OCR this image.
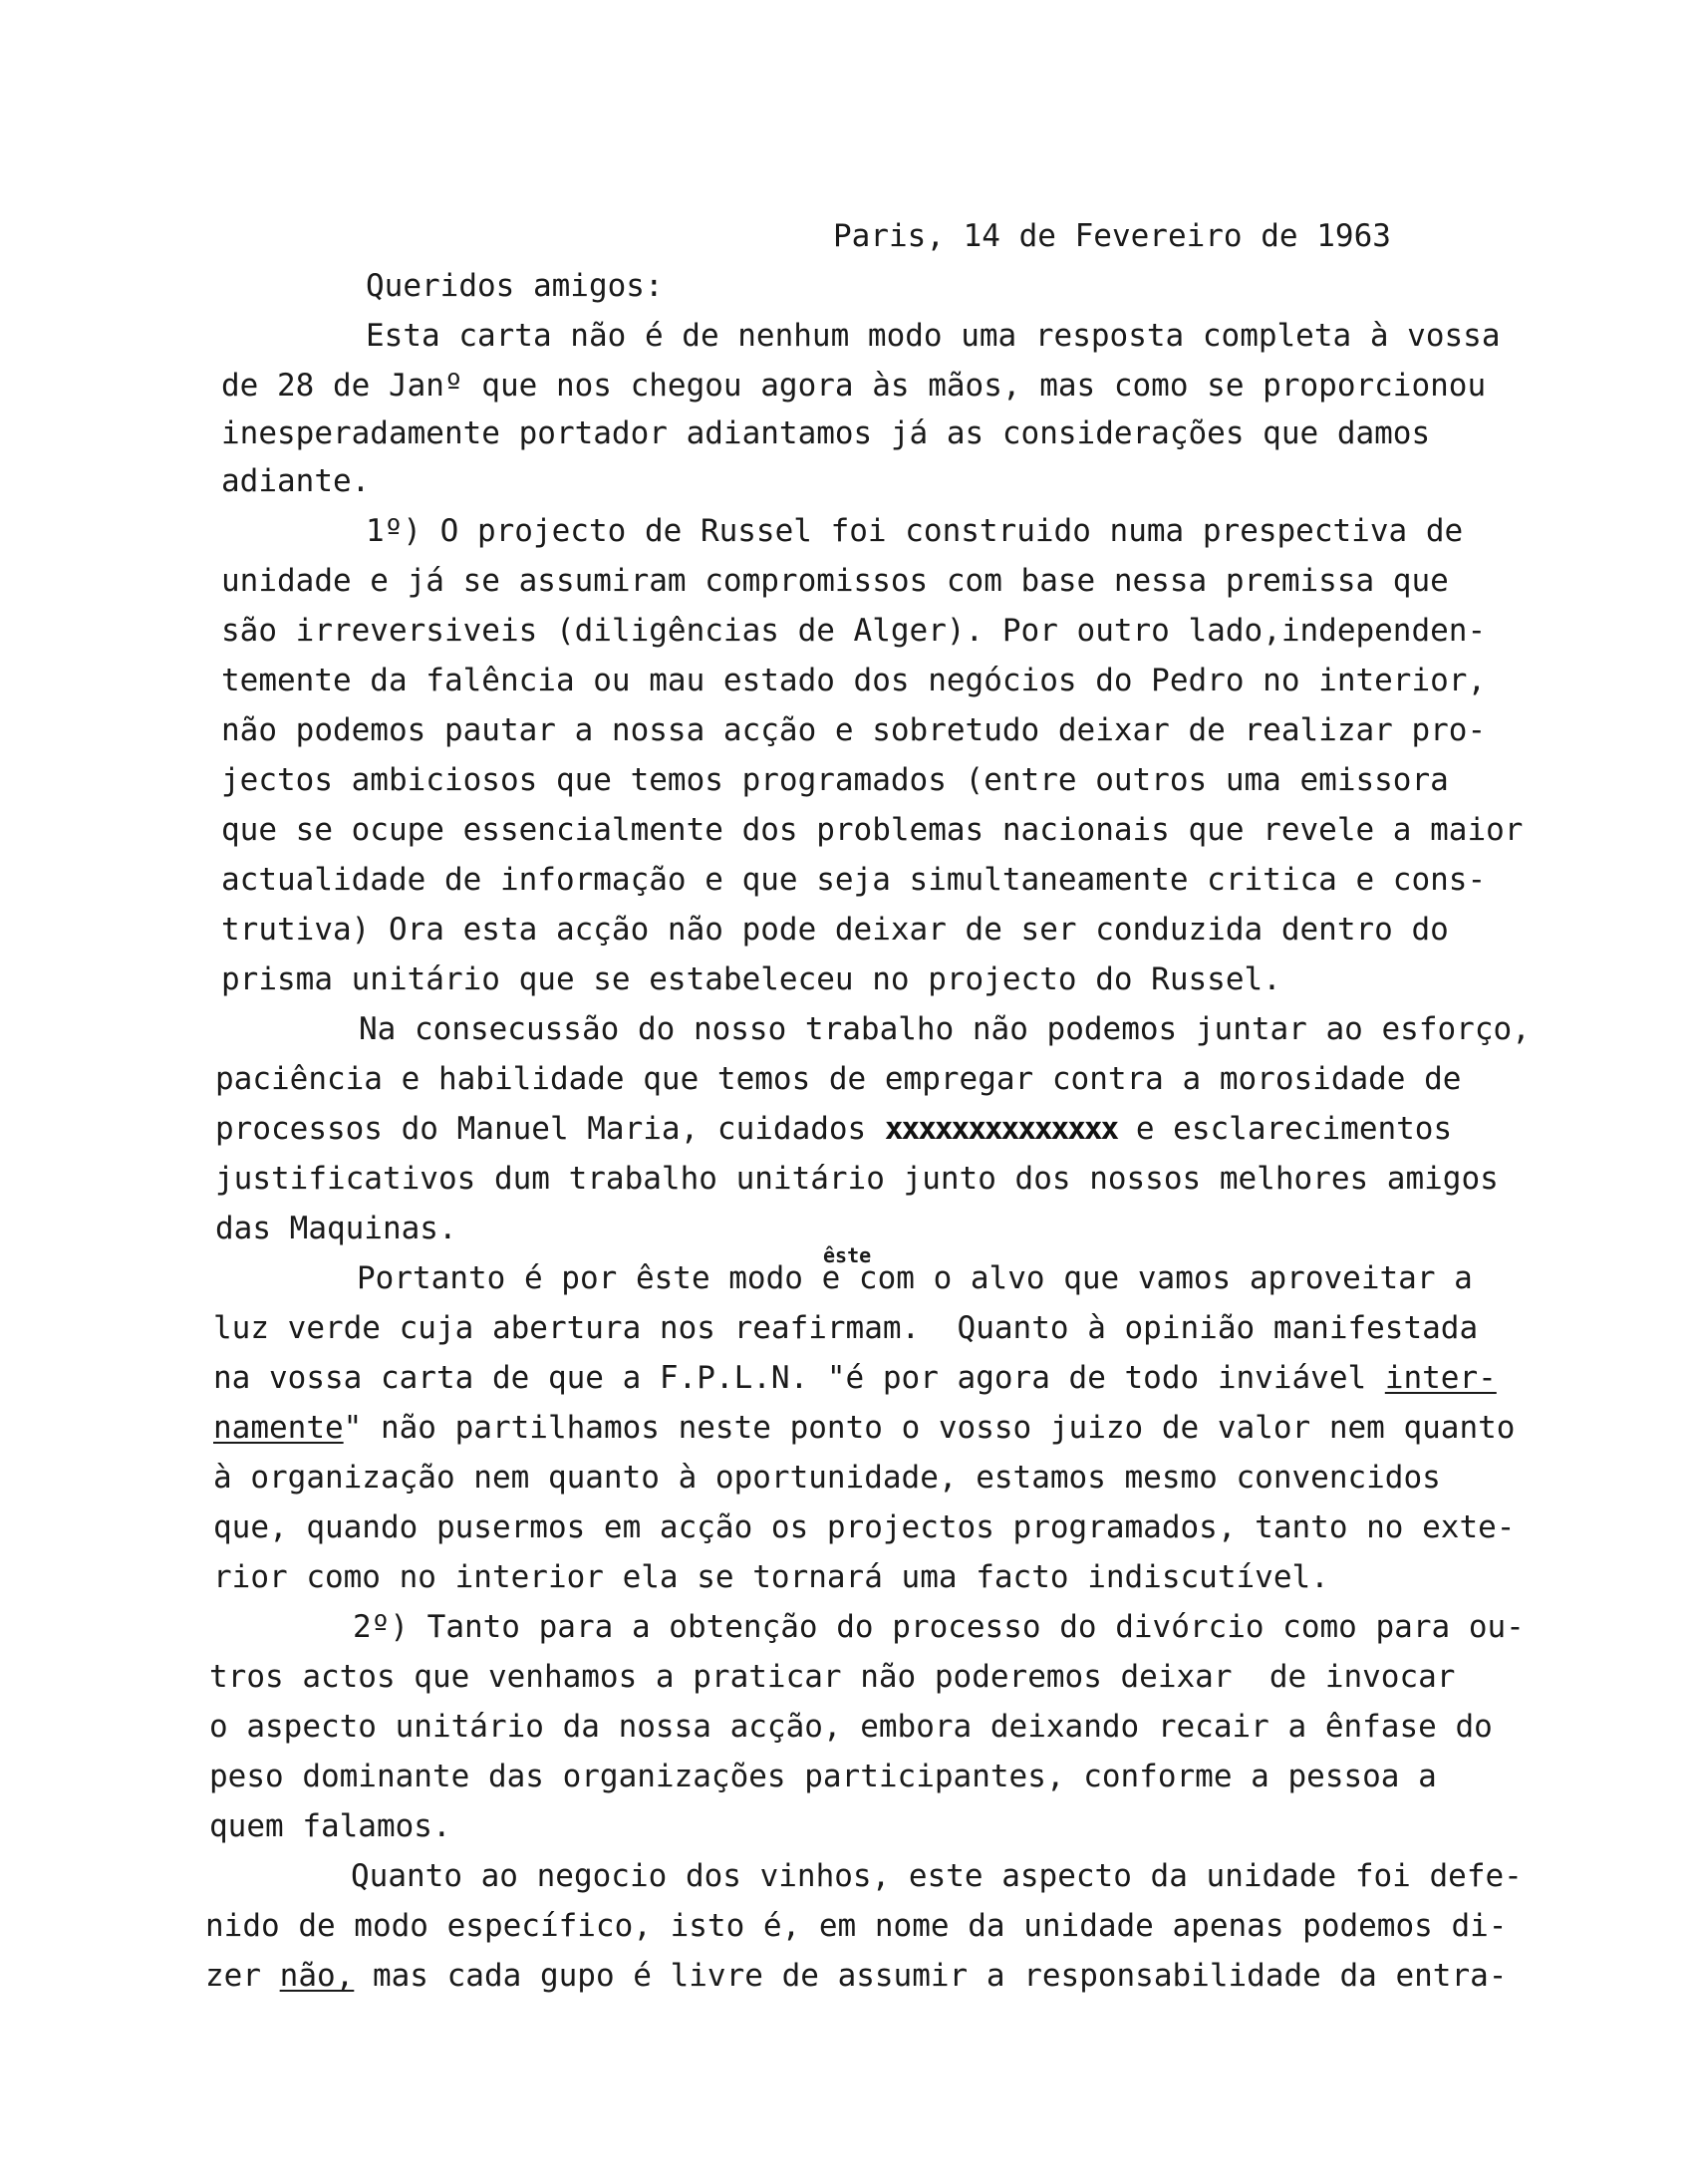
Paris, 14 de Fevereiro de 1963
Queridos amigos:
Esta carta não é de nenhum modo uma resposta completa à vossa
de 28 de Janº que nos chegou agora às mãos, mas como se proporcionou
inesperadamente portador adiantamos já as considerações que damos
adiante.
1º) O projecto de Russel foi construido numa prespectiva de
unidade e já se assumiram compromissos com base nessa premissa que
são irreversiveis (diligências de Alger). Por outro lado,independen-
temente da falência ou mau estado dos negócios do Pedro no interior,
não podemos pautar a nossa acção e sobretudo deixar de realizar pro-
jectos ambiciosos que temos programados (entre outros uma emissora
que se ocupe essencialmente dos problemas nacionais que revele a maior
actualidade de informação e que seja simultaneamente critica e cons-
trutiva) Ora esta acção não pode deixar de ser conduzida dentro do
prisma unitário que se estabeleceu no projecto do Russel.
Na consecussão do nosso trabalho não podemos juntar ao esforço,
paciência e habilidade que temos de empregar contra a morosidade de
processos do Manuel Maria, cuidados xxxxxxxxxxxxxx e esclarecimentos
justificativos dum trabalho unitário junto dos nossos melhores amigos
das Maquinas.
êste
Portanto é por êste modo e com o alvo que vamos aproveitar a
luz verde cuja abertura nos reafirmam.  Quanto à opinião manifestada
na vossa carta de que a F.P.L.N. "é por agora de todo inviável inter-
namente" não partilhamos neste ponto o vosso juizo de valor nem quanto
à organização nem quanto à oportunidade, estamos mesmo convencidos
que, quando pusermos em acção os projectos programados, tanto no exte-
rior como no interior ela se tornará uma facto indiscutível.
2º) Tanto para a obtenção do processo do divórcio como para ou-
tros actos que venhamos a praticar não poderemos deixar  de invocar
o aspecto unitário da nossa acção, embora deixando recair a ênfase do
peso dominante das organizações participantes, conforme a pessoa a
quem falamos.
Quanto ao negocio dos vinhos, este aspecto da unidade foi defe-
nido de modo específico, isto é, em nome da unidade apenas podemos di-
zer não, mas cada gupo é livre de assumir a responsabilidade da entra-
